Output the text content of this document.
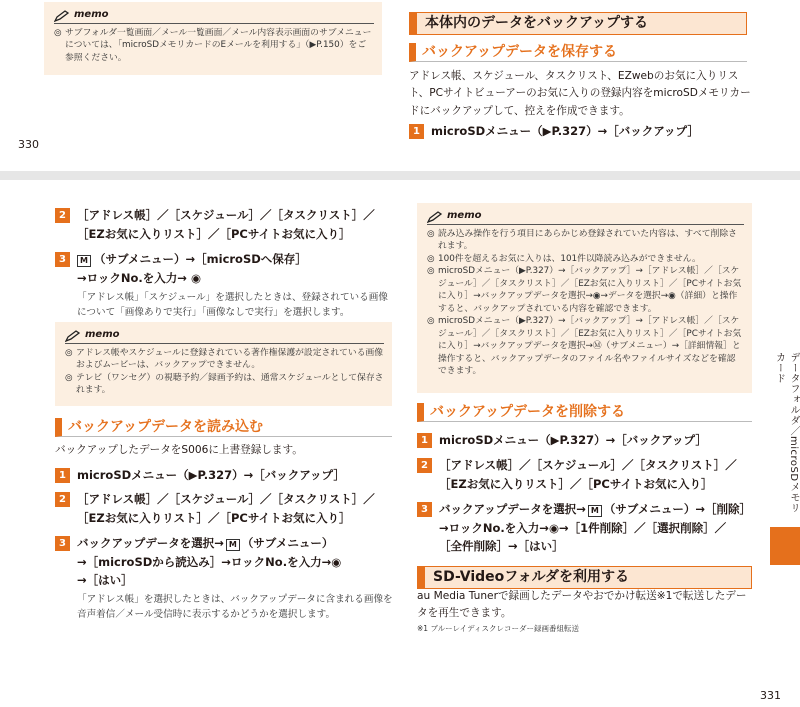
memo
◎ サブフォルダ一覧画面／メール一覧画面／メール内容表示画面のサブメニューについては、「microSDメモリカードのEメールを利用する」（▶P.150）をご参照ください。
330
本体内のデータをバックアップする
バックアップデータを保存する
アドレス帳、スケジュール、タスクリスト、EZwebのお気に入りリスト、PCサイトビューアーのお気に入りの登録内容をmicroSDメモリカードにバックアップして、控えを作成できます。
1 microSDメニュー（▶P.327）→［バックアップ］
2 ［アドレス帳］／［スケジュール］／［タスクリスト］／
［EZお気に入りリスト］／［PCサイトお気に入り］
3	M （サブメニュー）→［microSDへ保存］
→ロックNo.を入力→ ◉
「アドレス帳」「スケジュール」を選択したときは、登録されている画像について「画像ありで実行」「画像なしで実行」を選択します。
memo
◎ アドレス帳やスケジュールに登録されている著作権保護が設定されている画像およびムービーは、バックアップできません。
◎ テレビ（ワンセグ）の視聴予約／録画予約は、通常スケジュールとして保存されます。
バックアップデータを読み込む
バックアップしたデータをS006に上書登録します。
1 microSDメニュー（▶P.327）→［バックアップ］
2 ［アドレス帳］／［スケジュール］／［タスクリスト］／
［EZお気に入りリスト］／［PCサイトお気に入り］
3 バックアップデータを選択→ M （サブメニュー）
→［microSDから読込み］→ロックNo.を入力→◉
→［はい］
「アドレス帳」を選択したときは、バックアップデータに含まれる画像を音声着信／メール受信時に表示するかどうかを選択します。
memo
◎ 読み込み操作を行う項目にあらかじめ登録されていた内容は、すべて削除されます。
◎ 100件を超えるお気に入りは、101件以降読み込みができません。
◎ microSDメニュー（▶P.327）→［バックアップ］→［アドレス帳］／［スケジュール］／［タスクリスト］／［EZお気に入りリスト］／［PCサイトお気に入り］→バックアップデータを選択→◉→データを選択→◉（詳細）と操作すると、バックアップされている内容を確認できます。
◎ microSDメニュー（▶P.327）→［バックアップ］→［アドレス帳］／［スケジュール］／［タスクリスト］／［EZお気に入りリスト］／［PCサイトお気に入り］→バックアップデータを選択→Ⓜ（サブメニュー）→［詳細情報］と操作すると、バックアップデータのファイル名やファイルサイズなどを確認できます。
バックアップデータを削除する
1 microSDメニュー（▶P.327）→［バックアップ］
2 ［アドレス帳］／［スケジュール］／［タスクリスト］／
［EZお気に入りリスト］／［PCサイトお気に入り］
3 バックアップデータを選択→ M （サブメニュー）→［削除］
→ロックNo.を入力→◉→［1件削除］／［選択削除］／
［全件削除］→［はい］
SD-Videoフォルダを利用する
au Media Tunerで録画したデータやおでかけ転送※1で転送したデータを再生できます。
※1 ブルーレイディスクレコーダー録画番組転送
データフォルダ／microSDメモリカード
331
